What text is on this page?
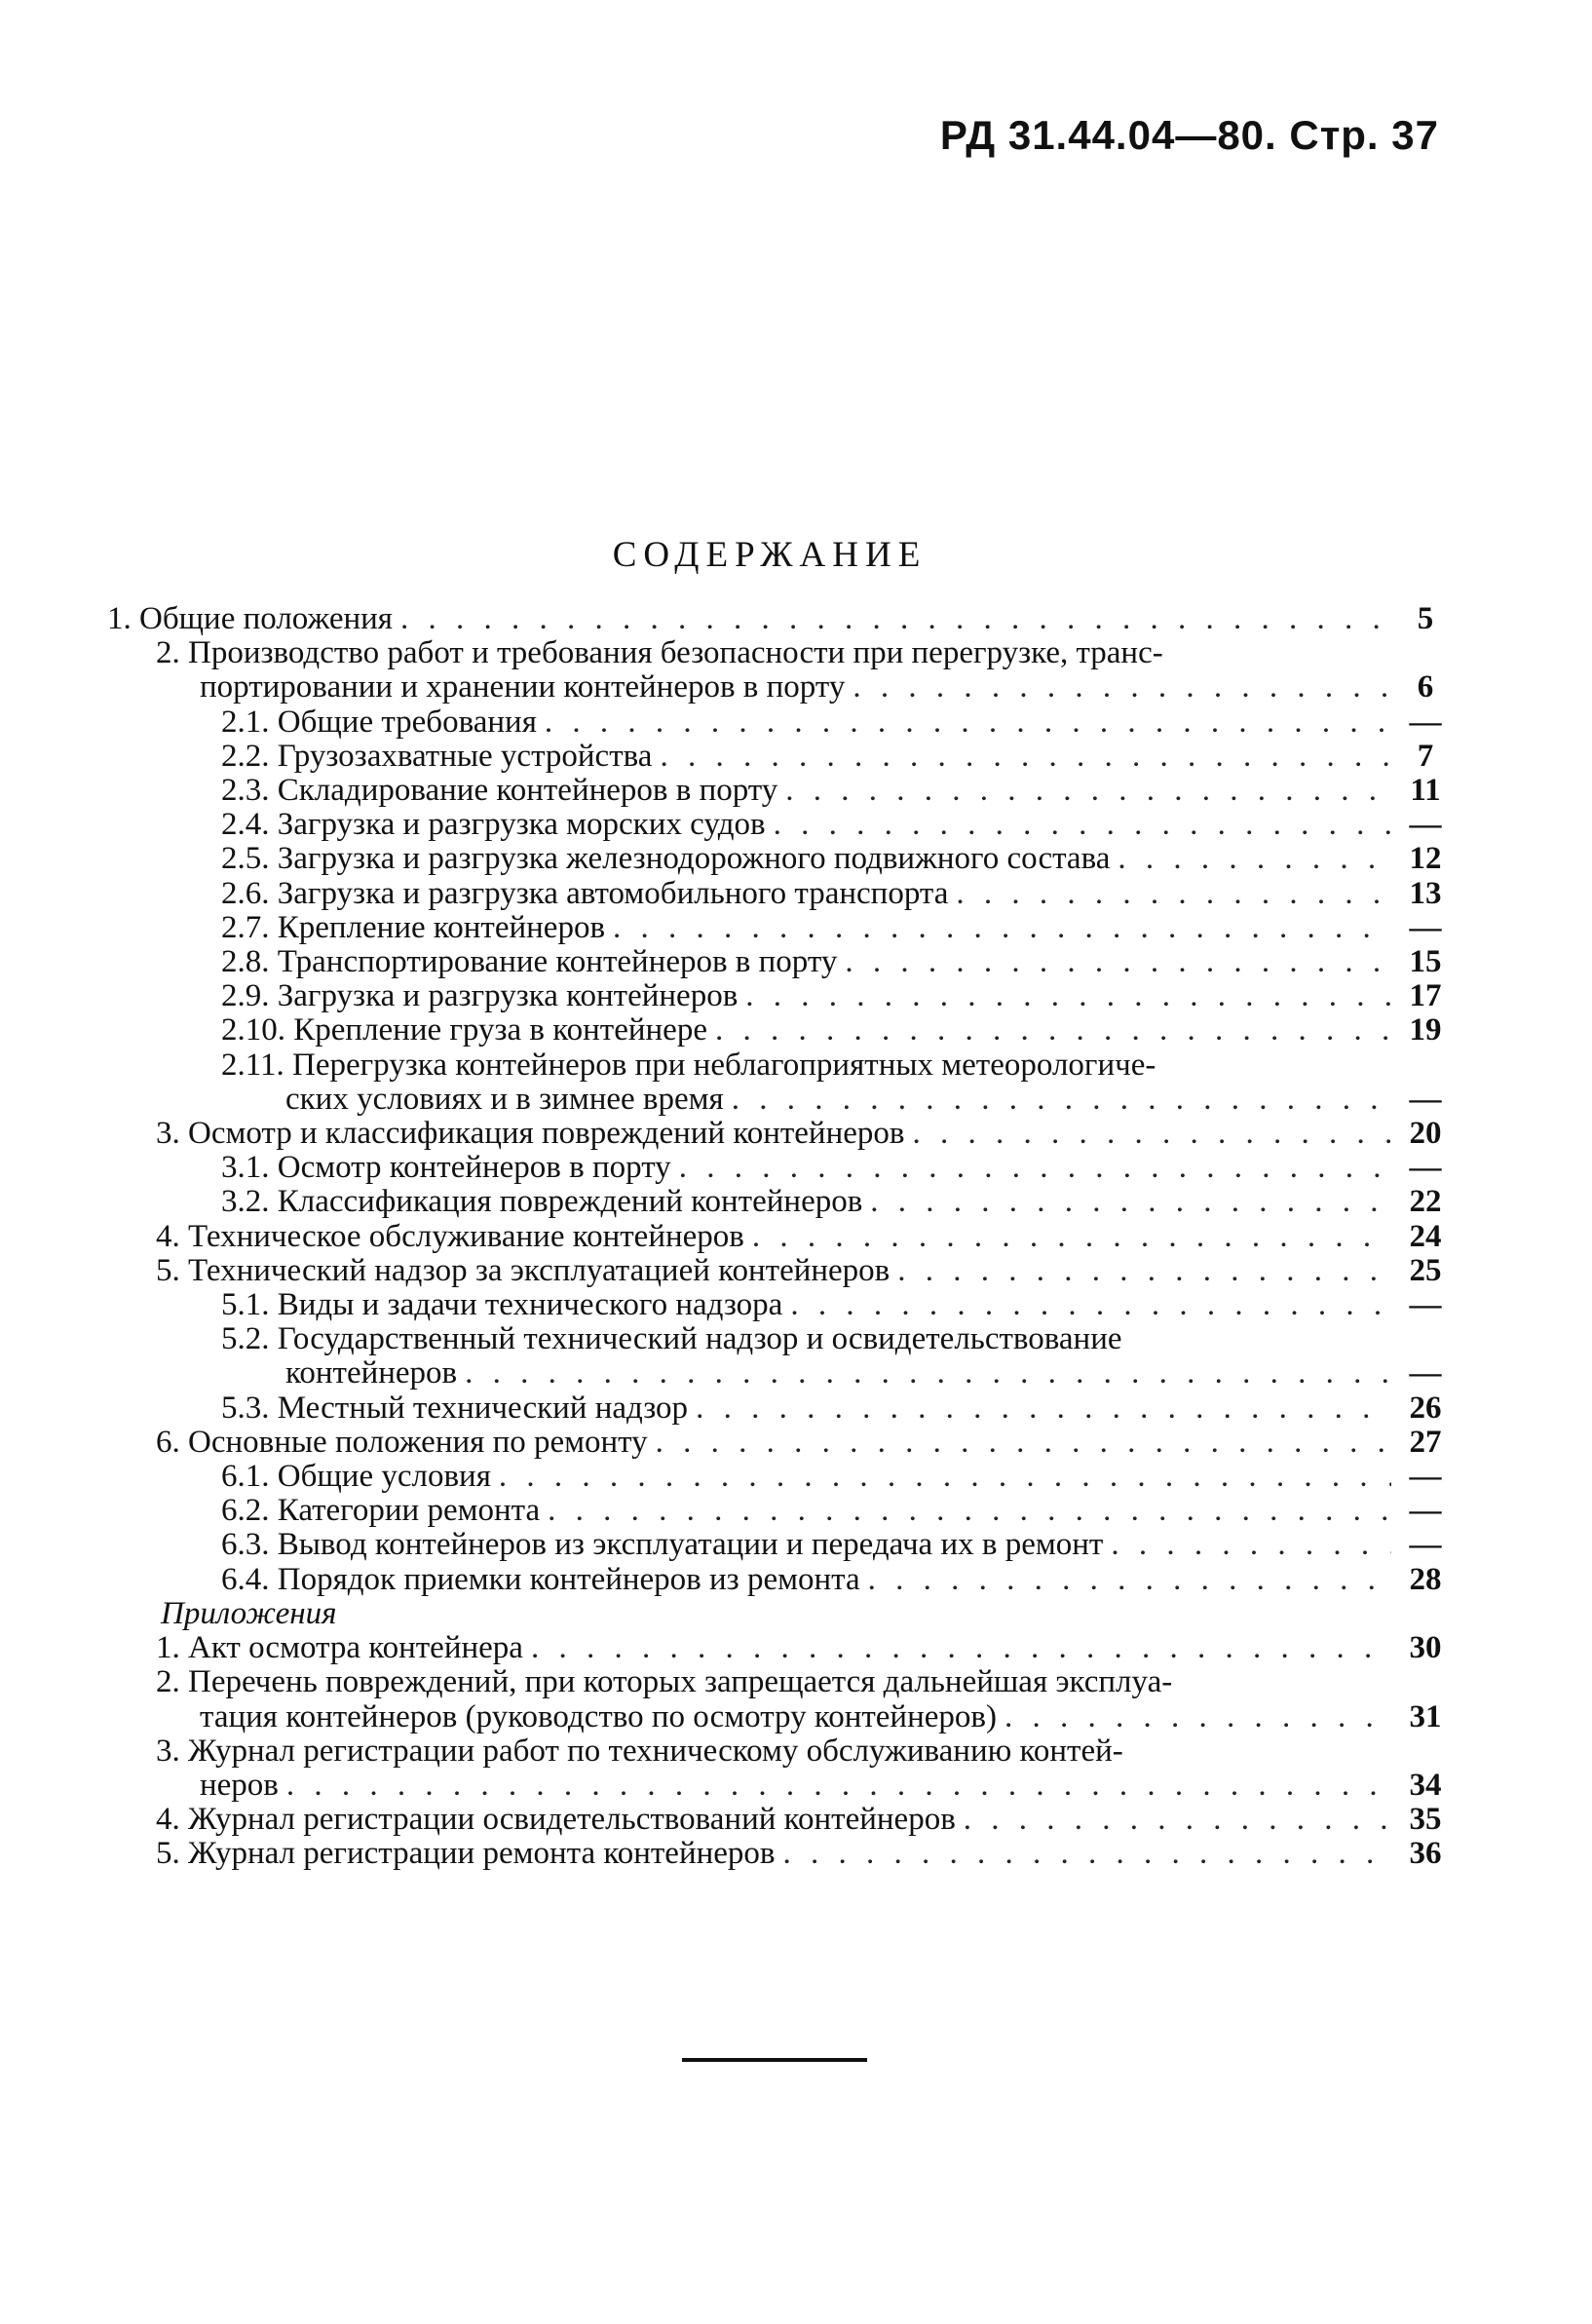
РД 31.44.04—80. Стр. 37
СОДЕРЖАНИЕ
1. Общие положения . . .	5
2. Производство работ и требования безопасности при перегрузке, транс-
портировании и хранении контейнеров в порту . . .	6
2.1. Общие требования . . .	—
2.2. Грузозахватные устройства . . .	7
2.3. Складирование контейнеров в порту . . .	11
2.4. Загрузка и разгрузка морских судов . . .	—
2.5. Загрузка и разгрузка железнодорожного подвижного состава . . .	12
2.6. Загрузка и разгрузка автомобильного транспорта . . .	13
2.7. Крепление контейнеров . . .	—
2.8. Транспортирование контейнеров в порту . . .	15
2.9. Загрузка и разгрузка контейнеров . . .	17
2.10. Крепление груза в контейнере . . .	19
2.11. Перегрузка контейнеров при неблагоприятных метеорологиче-
ских условиях и в зимнее время . . .	—
3. Осмотр и классификация повреждений контейнеров . . .	20
3.1. Осмотр контейнеров в порту . . .	—
3.2. Классификация повреждений контейнеров . . .	22
4. Техническое обслуживание контейнеров . . .	24
5. Технический надзор за эксплуатацией контейнеров . . .	25
5.1. Виды и задачи технического надзора . . .	—
5.2. Государственный технический надзор и освидетельствование
контейнеров . . .	—
5.3. Местный технический надзор . . .	26
6. Основные положения по ремонту . . .	27
6.1. Общие условия . . .	—
6.2. Категории ремонта . . .	—
6.3. Вывод контейнеров из эксплуатации и передача их в ремонт . . .	—
6.4. Порядок приемки контейнеров из ремонта . . .	28
Приложения
1. Акт осмотра контейнера . . .	30
2. Перечень повреждений, при которых запрещается дальнейшая эксплуа-
тация контейнеров (руководство по осмотру контейнеров) . . .	31
3. Журнал регистрации работ по техническому обслуживанию контей-
неров . . .	34
4. Журнал регистрации освидетельствований контейнеров . . .	35
5. Журнал регистрации ремонта контейнеров . . .	36
